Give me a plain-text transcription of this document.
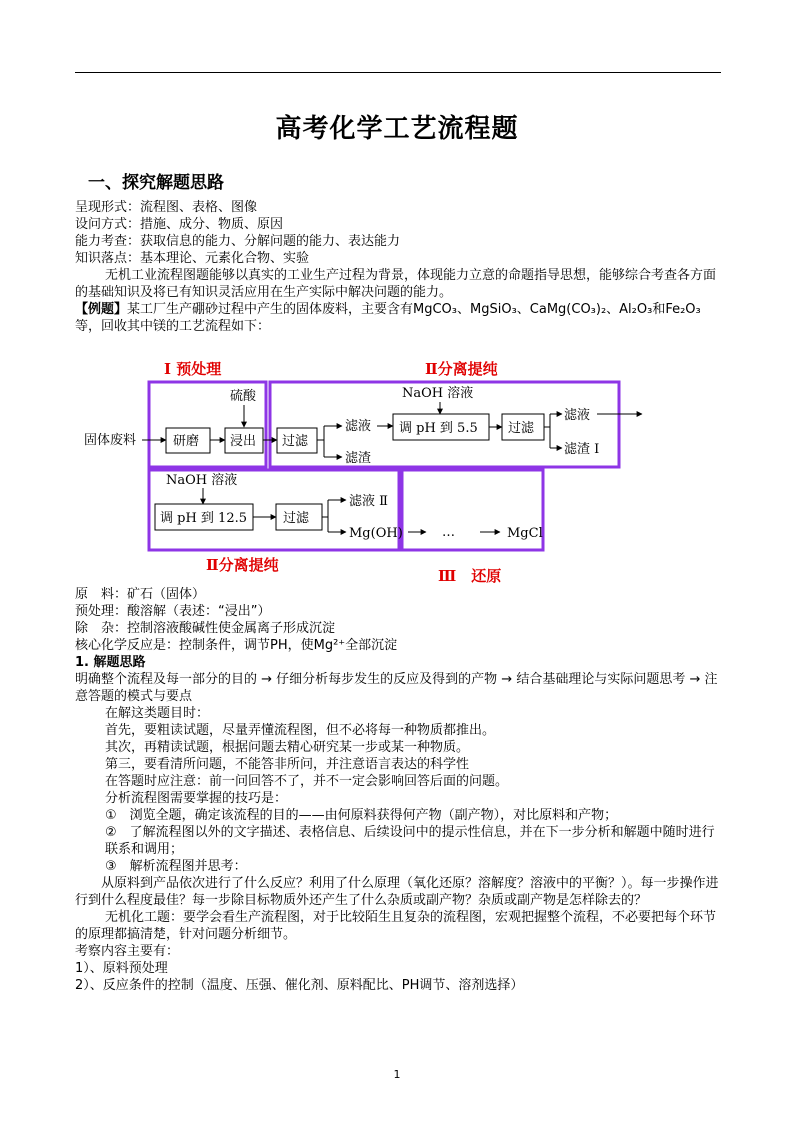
高考化学工艺流程题
一、探究解题思路

呈现形式：流程图、表格、图像

设问方式：措施、成分、物质、原因

能力考查：获取信息的能力、分解问题的能力、表达能力

知识落点：基本理论、元素化合物、实验

无机工业流程图题能够以真实的工业生产过程为背景，体现能力立意的命题指导思想，能够综合考查各方面的基础知识及将已有知识灵活应用在生产实际中解决问题的能力。

【例题】某工厂生产硼砂过程中产生的固体废料，主要含有MgCO₃、MgSiO₃、CaMg(CO₃)₂、Al₂O₃和Fe₂O₃等，回收其中镁的工艺流程如下：

Ⅰ 预处理	Ⅱ分离提纯
Ⅱ分离提纯
Ⅲ　还原
固体废料	研磨
硫酸
浸出 过滤
滤液
滤渣
NaOH 溶液
调 pH 到 5.5 过滤
滤液
滤渣 Ⅰ
NaOH 溶液
调 pH 到 12.5	过滤
滤液 Ⅱ
Mg(OH)	…	MgCl

原　料：矿石（固体）

预处理：酸溶解（表述：“浸出”）

除　杂：控制溶液酸碱性使金属离子形成沉淀

核心化学反应是：控制条件，调节PH，使Mg²⁺全部沉淀

1. 解题思路

明确整个流程及每一部分的目的 → 仔细分析每步发生的反应及得到的产物 → 结合基础理论与实际问题思考 → 注意答题的模式与要点

在解这类题目时：

首先，要粗读试题，尽量弄懂流程图，但不必将每一种物质都推出。

其次，再精读试题，根据问题去精心研究某一步或某一种物质。

第三，要看清所问题，不能答非所问，并注意语言表达的科学性

在答题时应注意：前一问回答不了，并不一定会影响回答后面的问题。

分析流程图需要掌握的技巧是：

①　浏览全题，确定该流程的目的——由何原料获得何产物（副产物），对比原料和产物；

②　了解流程图以外的文字描述、表格信息、后续设问中的提示性信息，并在下一步分析和解题中随时进行联系和调用；

③　解析流程图并思考：

从原料到产品依次进行了什么反应？利用了什么原理（氧化还原？溶解度？溶液中的平衡？）。每一步操作进行到什么程度最佳？每一步除目标物质外还产生了什么杂质或副产物？杂质或副产物是怎样除去的？

无机化工题：要学会看生产流程图，对于比较陌生且复杂的流程图，宏观把握整个流程，不必要把每个环节的原理都搞清楚，针对问题分析细节。

考察内容主要有：

1）、原料预处理

2）、反应条件的控制（温度、压强、催化剂、原料配比、PH调节、溶剂选择）

1
